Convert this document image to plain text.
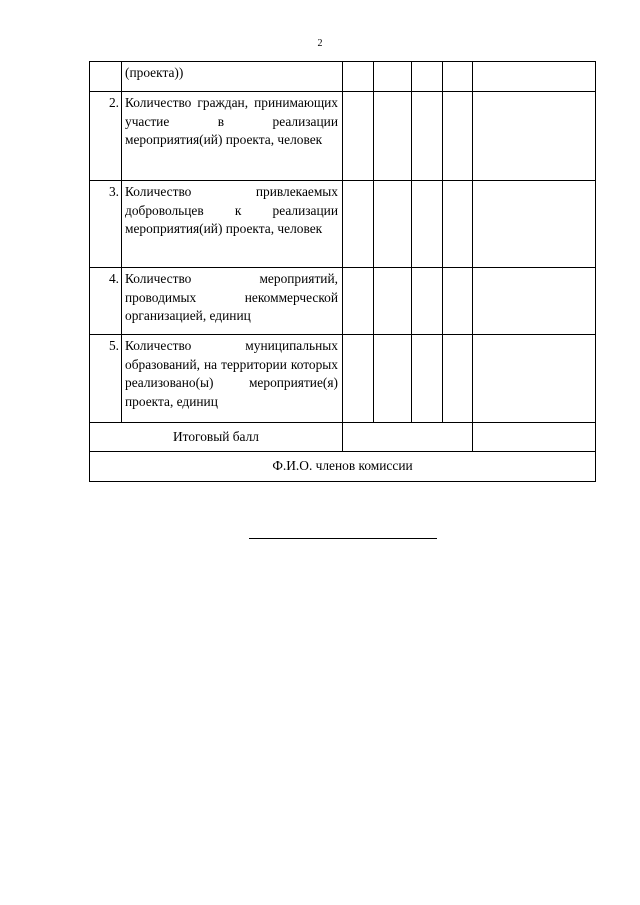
2
	(проекта))					
2.	Количество граждан, принимающих участие в реализации мероприятия(ий) проекта, человек					
3.	Количество привлекаемых добровольцев к реализации мероприятия(ий) проекта, человек					
4.	Количество мероприятий, проводимых некоммерческой организацией, единиц					
5.	Количество муниципальных образований, на территории которых реализовано(ы) мероприятие(я) проекта, единиц					
Итоговый балл						
Ф.И.О. членов комиссии						
